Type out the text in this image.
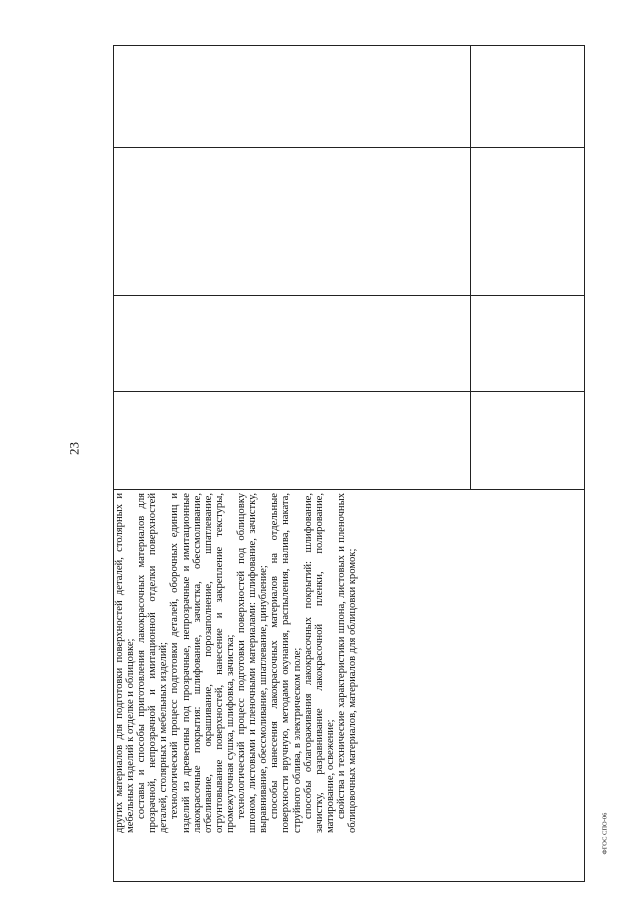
23

других материалов для подготовки поверхностей деталей, столярных и мебельных изделий к отделке и облицовке; составы и способы приготовления лакокрасочных материалов для прозрачной, непрозрачной и имитационной отделки поверхностей деталей, столярных и мебельных изделий; технологический процесс подготовки деталей, оборочных единиц и изделий из древесины под прозрачные, непрозрачные и имитационные лакокрасочные покрытия: шлифование, зачистка, обессмоливание, отбеливание, окрашивание, порозаполнение, шпатлевание, огрунтовывание поверхностей, нанесение и закрепление текстуры, промежуточная сушка, шлифовка, зачистка; технологический процесс подготовки поверхностей под облицовку шпоном, листовыми и пленочными материалами: шлифование, зачистку, выравнивание, обессмоливание, шпатлевание, цинубление; способы нанесения лакокрасочных материалов на отдельные поверхности вручную, методами окунания, распыления, налива, наката, струйного облива, в электрическом поле; способы облагораживания лакокрасочных покрытий: шлифование, зачистку, разравнивание лакокрасочной пленки, полирование, матирование, освежение; свойства и технические характеристики шпона, листовых и пленочных облицовочных материалов, материалов для облицовки кромок;

ФГОС СПО-06
